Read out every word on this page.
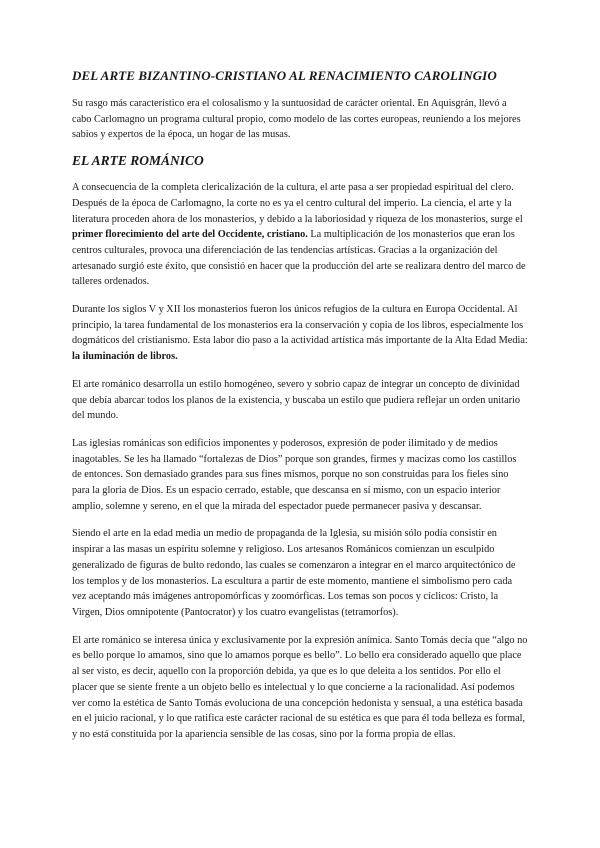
DEL ARTE BIZANTINO-CRISTIANO AL RENACIMIENTO CAROLINGIO

Su rasgo más característico era el colosalismo y la suntuosidad de carácter oriental. En Aquisgrán, llevó a cabo Carlomagno un programa cultural propio, como modelo de las cortes europeas, reuniendo a los mejores sabios y expertos de la época, un hogar de las musas.

EL ARTE ROMÁNICO

A consecuencia de la completa clericalización de la cultura, el arte pasa a ser propiedad espiritual del clero. Después de la época de Carlomagno, la corte no es ya el centro cultural del imperio. La ciencia, el arte y la literatura proceden ahora de los monasterios, y debido a la laboriosidad y riqueza de los monasterios, surge el primer florecimiento del arte del Occidente, cristiano. La multiplicación de los monasterios que eran los centros culturales, provoca una diferenciación de las tendencias artísticas. Gracias a la organización del artesanado surgió este éxito, que consistió en hacer que la producción del arte se realizara dentro del marco de talleres ordenados.

Durante los siglos V y XII los monasterios fueron los únicos refugios de la cultura en Europa Occidental. Al principio, la tarea fundamental de los monasterios era la conservación y copia de los libros, especialmente los dogmáticos del cristianismo. Esta labor dio paso a la actividad artística más importante de la Alta Edad Media: la iluminación de libros.

El arte románico desarrolla un estilo homogéneo, severo y sobrio capaz de integrar un concepto de divinidad que debía abarcar todos los planos de la existencia, y buscaba un estilo que pudiera reflejar un orden unitario del mundo.

Las iglesias románicas son edificios imponentes y poderosos, expresión de poder ilimitado y de medios inagotables. Se les ha llamado “fortalezas de Dios” porque son grandes, firmes y macizas como los castillos de entonces. Son demasiado grandes para sus fines mismos, porque no son construidas para los fieles sino para la gloria de Dios. Es un espacio cerrado, estable, que descansa en sí mismo, con un espacio interior amplio, solemne y sereno, en el que la mirada del espectador puede permanecer pasiva y descansar.

Siendo el arte en la edad media un medio de propaganda de la Iglesia, su misión sólo podía consistir en inspirar a las masas un espíritu solemne y religioso. Los artesanos Románicos comienzan un esculpido generalizado de figuras de bulto redondo, las cuales se comenzaron a integrar en el marco arquitectónico de los templos y de los monasterios. La escultura a partir de este momento, mantiene el simbolismo pero cada vez aceptando más imágenes antropomórficas y zoomórficas. Los temas son pocos y cíclicos: Cristo, la Virgen, Dios omnipotente (Pantocrator) y los cuatro evangelistas (tetramorfos).

El arte románico se interesa única y exclusivamente por la expresión anímica. Santo Tomás decía que “algo no es bello porque lo amamos, sino que lo amamos porque es bello”. Lo bello era considerado aquello que place al ser visto, es decir, aquello con la proporción debida, ya que es lo que deleita a los sentidos. Por ello el placer que se siente frente a un objeto bello es intelectual y lo que concierne a la racionalidad. Así podemos ver como la estética de Santo Tomás evoluciona de una concepción hedonista y sensual, a una estética basada en el juicio racional, y lo que ratifica este carácter racional de su estética es que para él toda belleza es formal, y no está constituida por la apariencia sensible de las cosas, sino por la forma propia de ellas.
